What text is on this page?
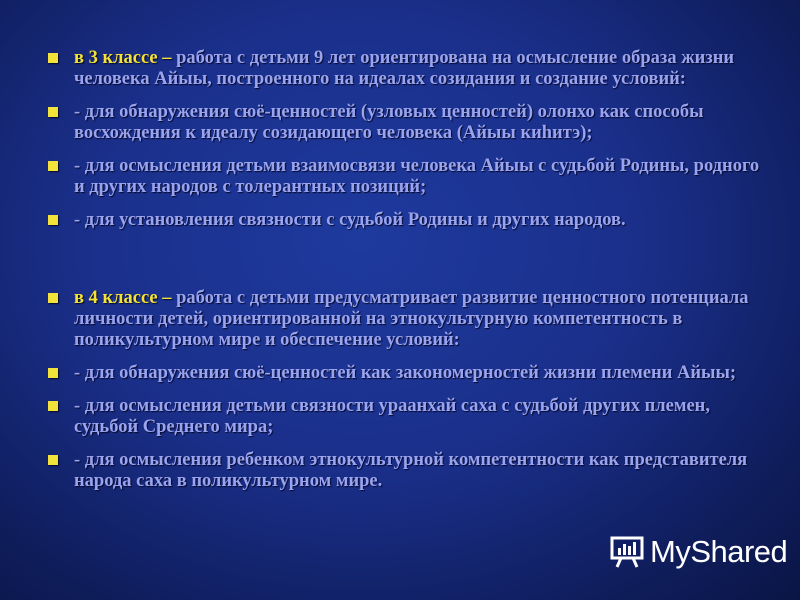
в 3 классе – работа с детьми 9 лет ориентирована на осмысление образа жизни человека Айыы, построенного на идеалах созидания и создание условий:
- для обнаружения сюё-ценностей (узловых ценностей) олонхо как способы восхождения к идеалу созидающего человека (Айыы киһитэ);
- для осмысления детьми взаимосвязи человека Айыы с судьбой Родины, родного и других народов с толерантных позиций;
- для установления связности с судьбой Родины и других народов.
в 4 классе – работа с детьми предусматривает развитие ценностного потенциала личности детей, ориентированной на этнокультурную компетентность в поликультурном мире и обеспечение условий:
- для обнаружения сюё-ценностей как закономерностей жизни племени Айыы;
- для осмысления детьми связности ураанхай саха с судьбой других племен, судьбой Среднего мира;
- для осмысления ребенком этнокультурной компетентности как представителя народа саха в поликультурном мире.
MyShared
